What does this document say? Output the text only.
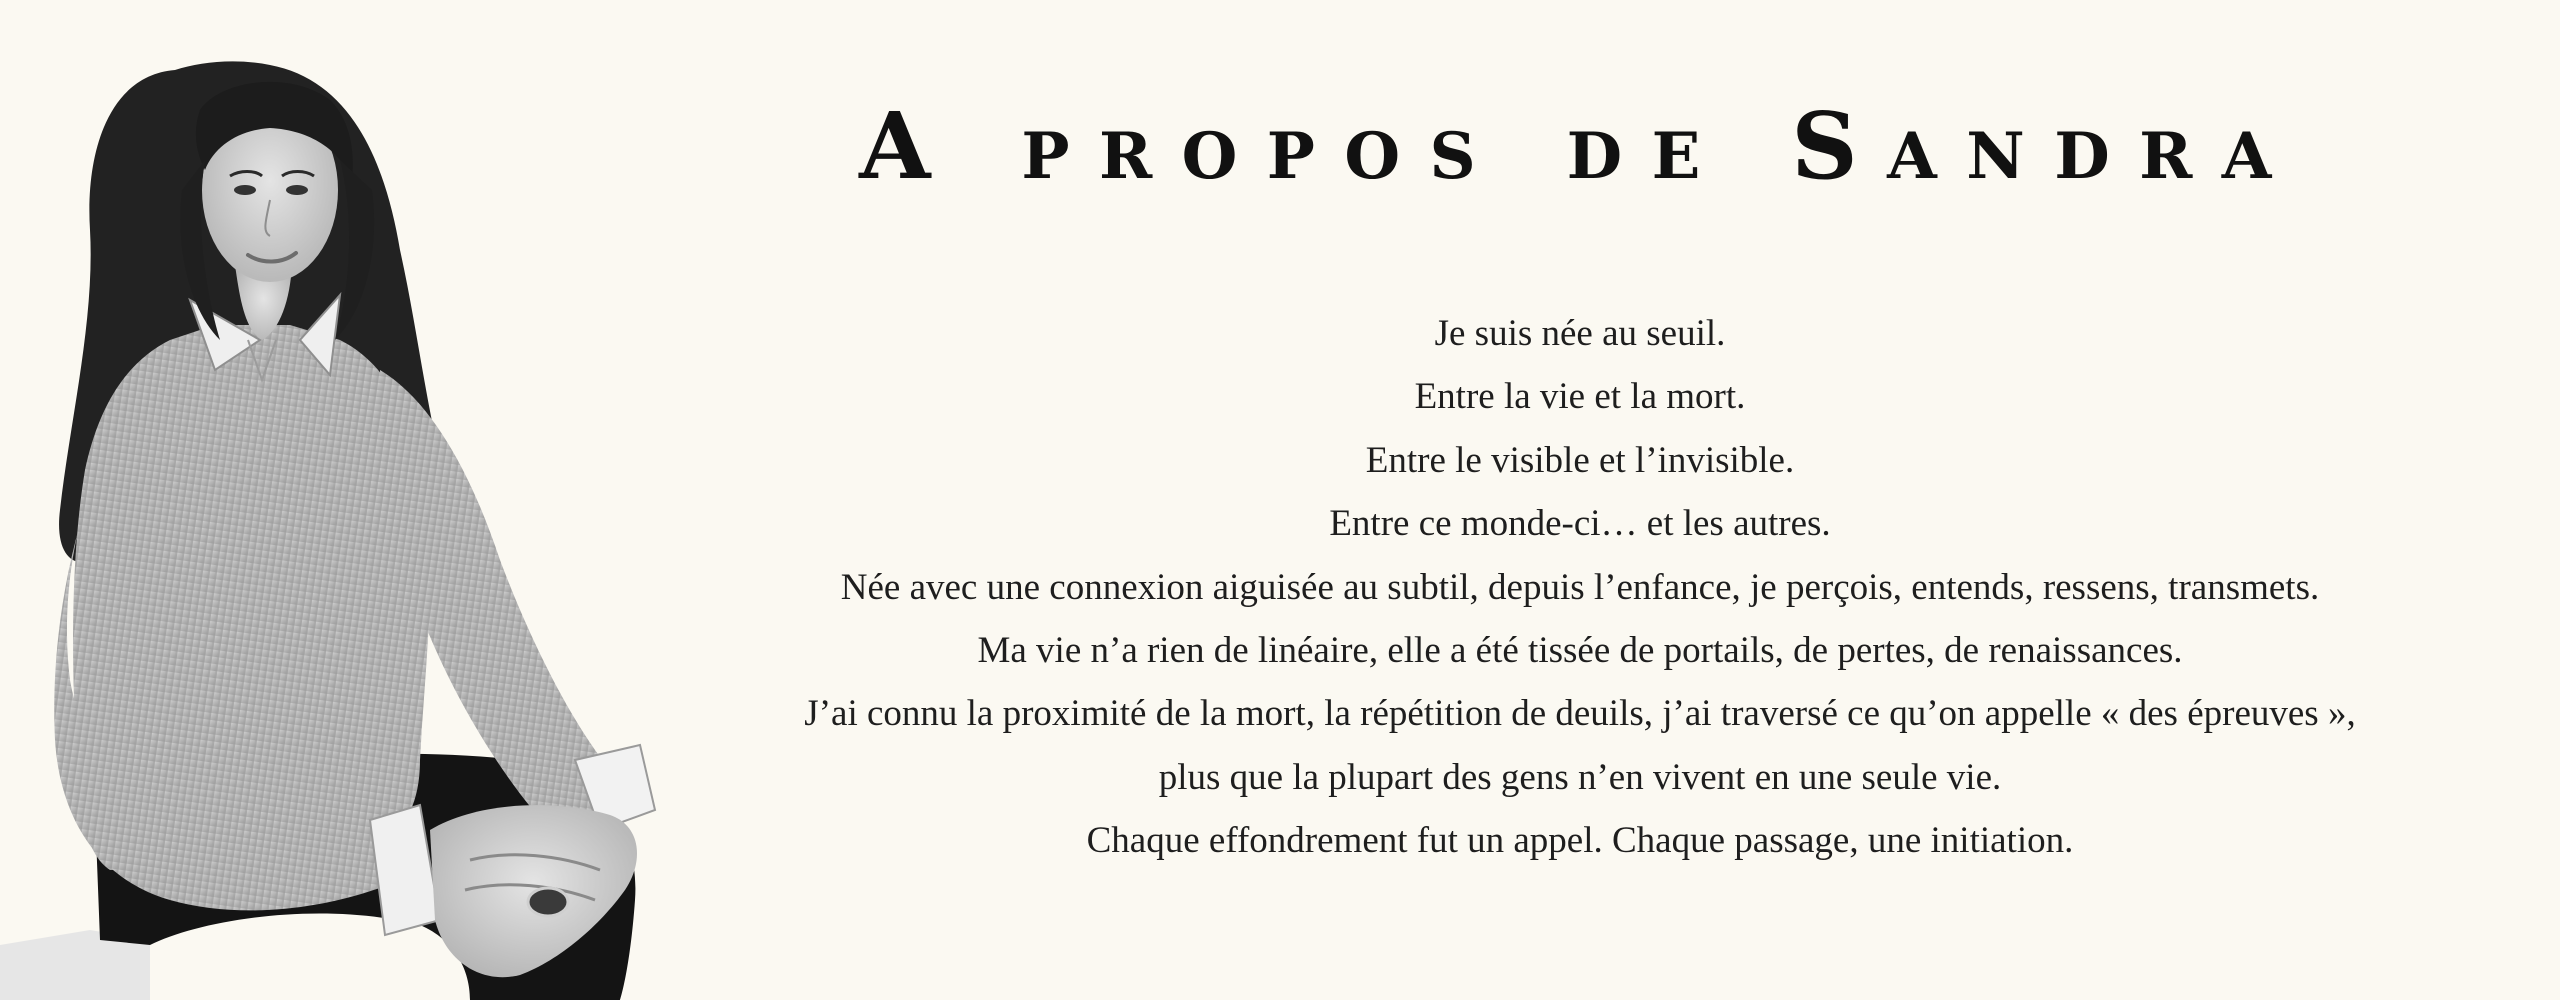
A propos de Sandra
Je suis née au seuil.
Entre la vie et la mort.
Entre le visible et l’invisible.
Entre ce monde-ci… et les autres.
Née avec une connexion aiguisée au subtil, depuis l’enfance, je perçois, entends, ressens, transmets.
Ma vie n’a rien de linéaire, elle a été tissée de portails, de pertes, de renaissances.
J’ai connu la proximité de la mort, la répétition de deuils, j’ai traversé ce qu’on appelle « des épreuves »,
plus que la plupart des gens n’en vivent en une seule vie.
Chaque effondrement fut un appel. Chaque passage, une initiation.
